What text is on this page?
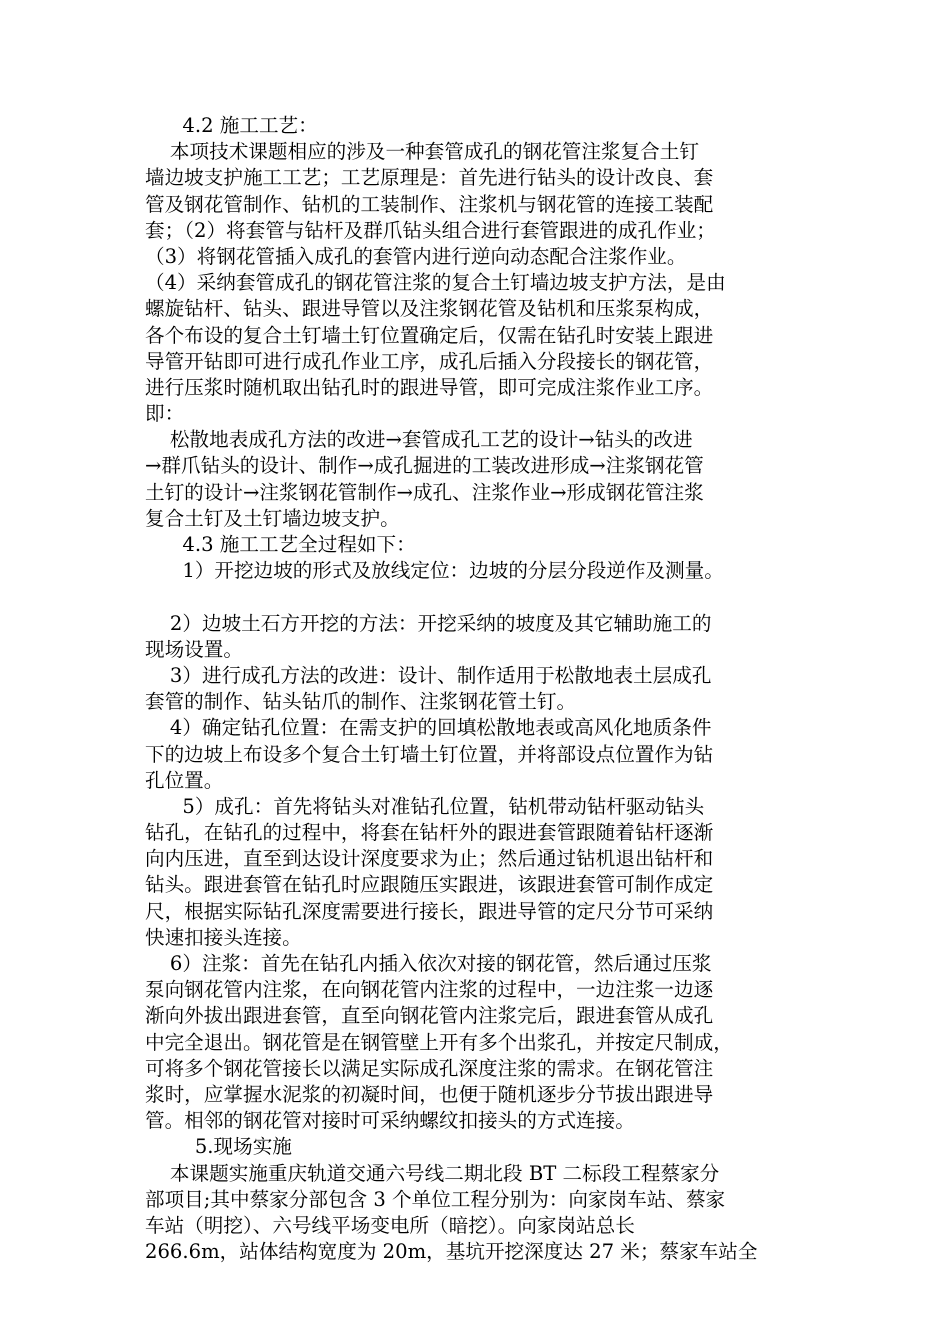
4.2 施工工艺：
本项技术课题相应的涉及一种套管成孔的钢花管注浆复合土钉
墙边坡支护施工工艺；工艺原理是：首先进行钻头的设计改良、套
管及钢花管制作、钻机的工装制作、注浆机与钢花管的连接工装配
套；（2）将套管与钻杆及群爪钻头组合进行套管跟进的成孔作业；
（3）将钢花管插入成孔的套管内进行逆向动态配合注浆作业。
（4）采纳套管成孔的钢花管注浆的复合土钉墙边坡支护方法，是由
螺旋钻杆、钻头、跟进导管以及注浆钢花管及钻机和压浆泵构成，
各个布设的复合土钉墙土钉位置确定后，仅需在钻孔时安装上跟进
导管开钻即可进行成孔作业工序，成孔后插入分段接长的钢花管，
进行压浆时随机取出钻孔时的跟进导管，即可完成注浆作业工序。
即：
松散地表成孔方法的改进→套管成孔工艺的设计→钻头的改进
→群爪钻头的设计、制作→成孔掘进的工装改进形成→注浆钢花管
土钉的设计→注浆钢花管制作→成孔、注浆作业→形成钢花管注浆
复合土钉及土钉墙边坡支护。
4.3 施工工艺全过程如下：
1）开挖边坡的形式及放线定位：边坡的分层分段逆作及测量。
2）边坡土石方开挖的方法：开挖采纳的坡度及其它辅助施工的
现场设置。
3）进行成孔方法的改进：设计、制作适用于松散地表土层成孔
套管的制作、钻头钻爪的制作、注浆钢花管土钉。
4）确定钻孔位置：在需支护的回填松散地表或高风化地质条件
下的边坡上布设多个复合土钉墙土钉位置，并将部设点位置作为钻
孔位置。
5）成孔：首先将钻头对准钻孔位置，钻机带动钻杆驱动钻头
钻孔，在钻孔的过程中，将套在钻杆外的跟进套管跟随着钻杆逐渐
向内压进，直至到达设计深度要求为止；然后通过钻机退出钻杆和
钻头。跟进套管在钻孔时应跟随压实跟进，该跟进套管可制作成定
尺，根据实际钻孔深度需要进行接长，跟进导管的定尺分节可采纳
快速扣接头连接。
6）注浆：首先在钻孔内插入依次对接的钢花管，然后通过压浆
泵向钢花管内注浆，在向钢花管内注浆的过程中，一边注浆一边逐
渐向外拔出跟进套管，直至向钢花管内注浆完后，跟进套管从成孔
中完全退出。钢花管是在钢管壁上开有多个出浆孔，并按定尺制成，
可将多个钢花管接长以满足实际成孔深度注浆的需求。在钢花管注
浆时，应掌握水泥浆的初凝时间，也便于随机逐步分节拔出跟进导
管。相邻的钢花管对接时可采纳螺纹扣接头的方式连接。
5.现场实施
本课题实施重庆轨道交通六号线二期北段 BT 二标段工程蔡家分
部项目;其中蔡家分部包含 3 个单位工程分别为：向家岗车站、蔡家
车站（明挖）、六号线平场变电所（暗挖）。向家岗站总长
266.6m，站体结构宽度为 20m，基坑开挖深度达 27 米；蔡家车站全
